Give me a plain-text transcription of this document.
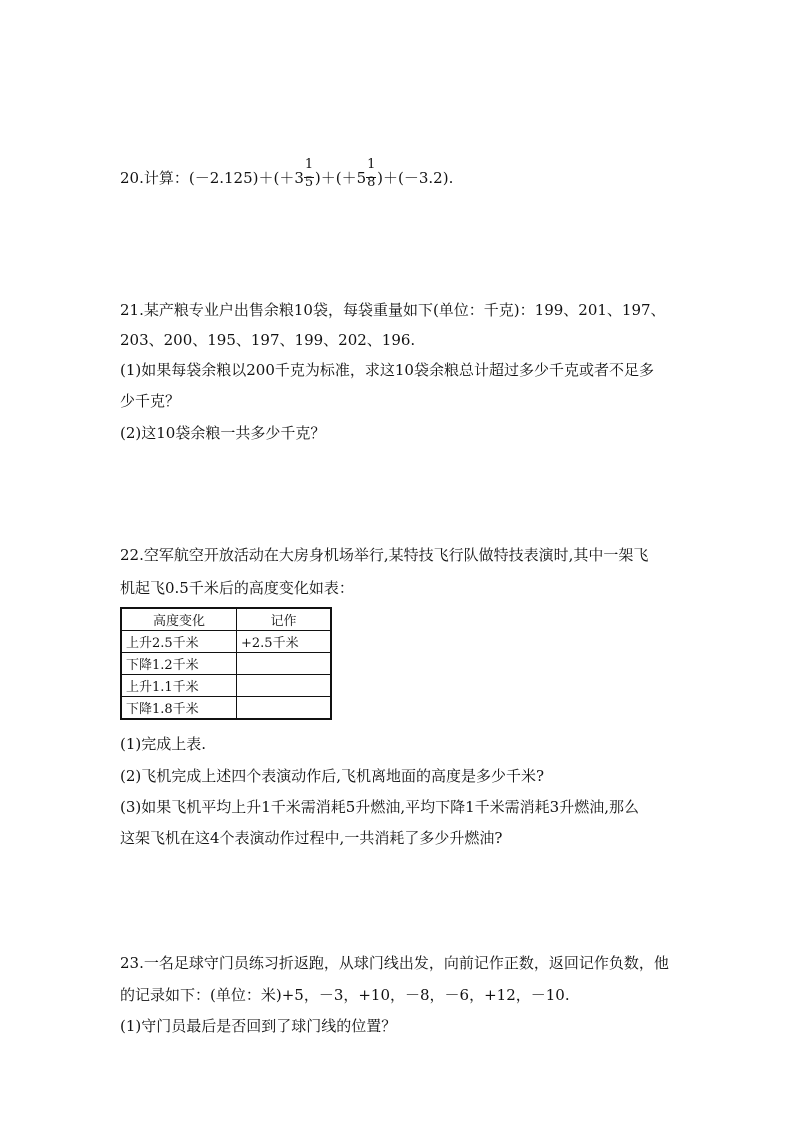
20.计算：$(-2.125)+(+3 \frac{1}{5} )+(+5 \frac{1}{8} )+(-3.2)$.
21.某产粮专业户出售余粮10袋，每袋重量如下(单位：千克)：199、201、197、
203、200、195、197、199、202、196.
(1)如果每袋余粮以200千克为标准，求这10袋余粮总计超过多少千克或者不足多
少千克？
(2)这10袋余粮一共多少千克？
22.空军航空开放活动在大房身机场举行,某特技飞行队做特技表演时,其中一架飞
机起飞0.5千米后的高度变化如表：
高度变化	记作
上升2.5千米	+2.5千米
下降1.2千米	
上升1.1千米	
下降1.8千米	
(1)完成上表.
(2)飞机完成上述四个表演动作后,飞机离地面的高度是多少千米?
(3)如果飞机平均上升1千米需消耗5升燃油,平均下降1千米需消耗3升燃油,那么
这架飞机在这4个表演动作过程中,一共消耗了多少升燃油?
23.一名足球守门员练习折返跑，从球门线出发，向前记作正数，返回记作负数，他
的记录如下：(单位：米)+5，－3，+10，－8，－6，+12，－10.
(1)守门员最后是否回到了球门线的位置？
